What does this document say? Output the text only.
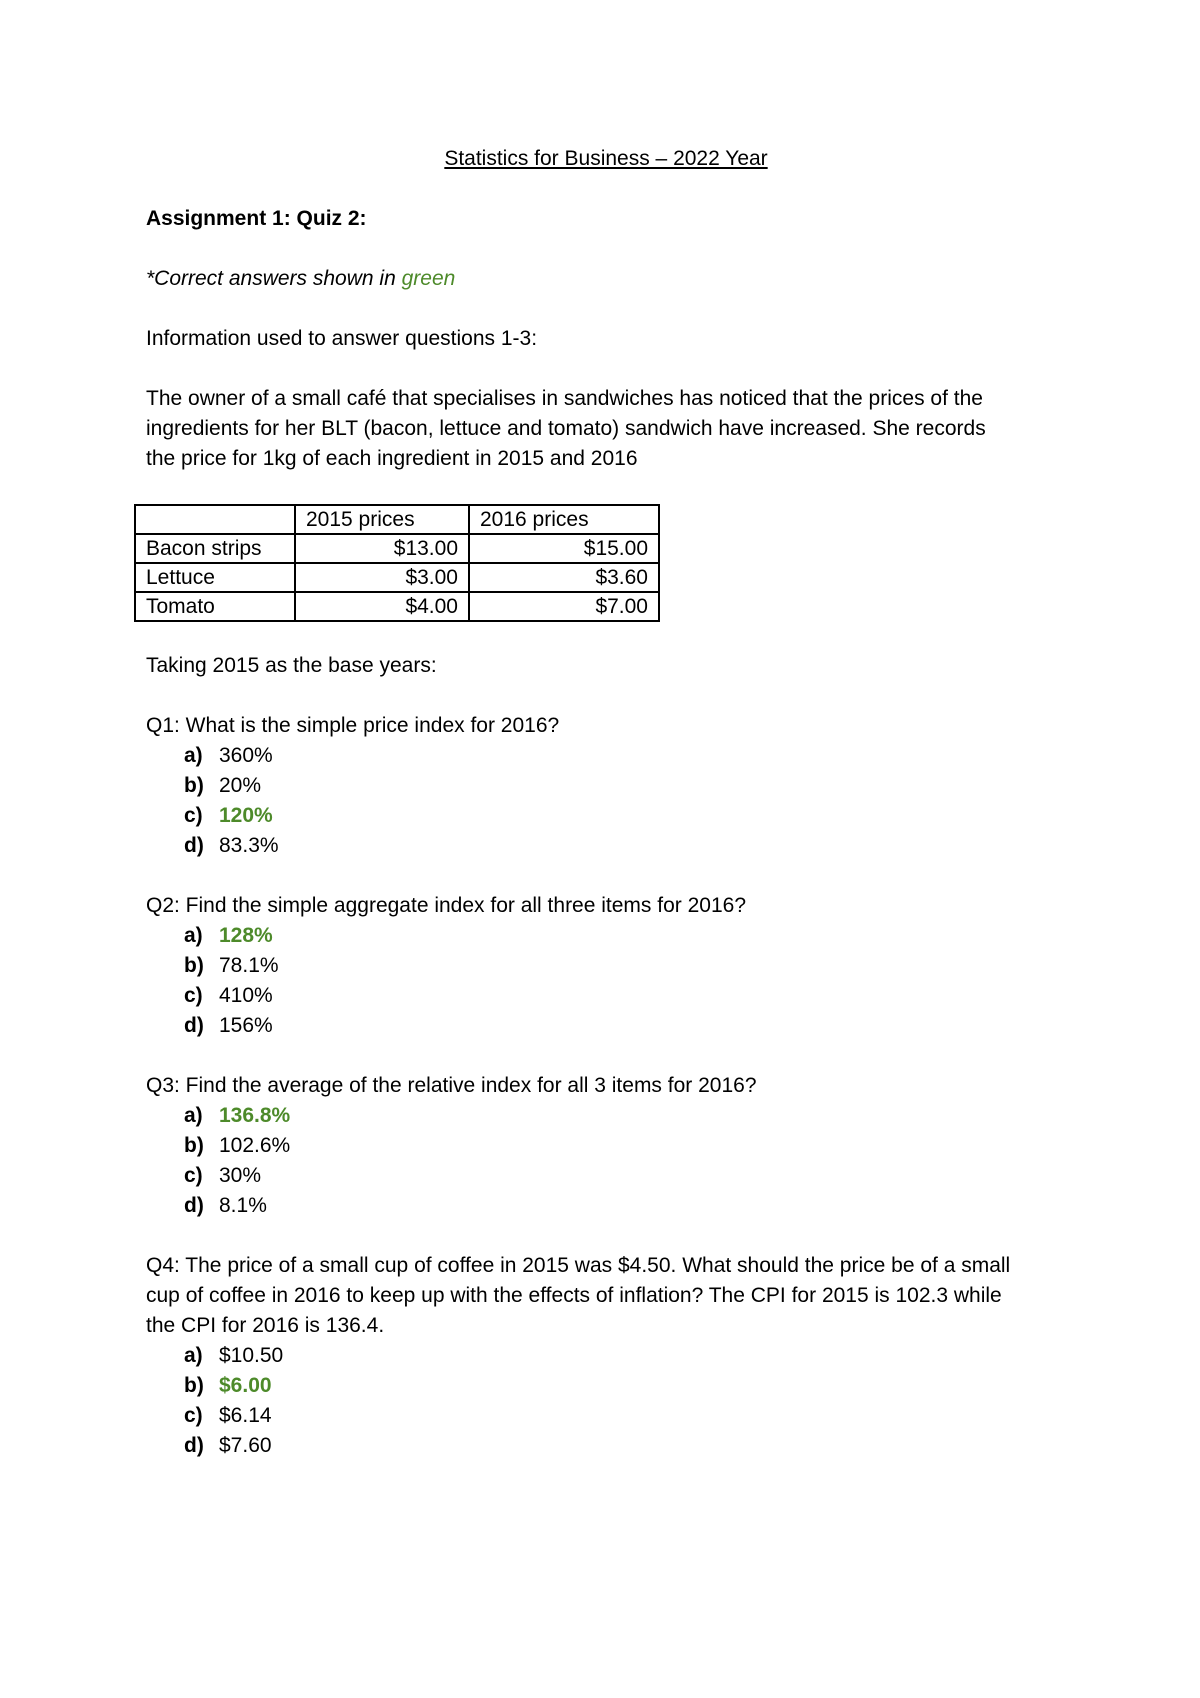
Statistics for Business – 2022 Year
Assignment 1: Quiz 2:
*Correct answers shown in green
Information used to answer questions 1-3:
The owner of a small café that specialises in sandwiches has noticed that the prices of the
ingredients for her BLT (bacon, lettuce and tomato) sandwich have increased. She records
the price for 1kg of each ingredient in 2015 and 2016
	2015 prices	2016 prices
Bacon strips	$13.00	$15.00
Lettuce	$3.00	$3.60
Tomato	$4.00	$7.00
Taking 2015 as the base years:
Q1: What is the simple price index for 2016?
a) 360%
b) 20%
c) 120%
d) 83.3%
Q2: Find the simple aggregate index for all three items for 2016?
a) 128%
b) 78.1%
c) 410%
d) 156%
Q3: Find the average of the relative index for all 3 items for 2016?
a) 136.8%
b) 102.6%
c) 30%
d) 8.1%
Q4: The price of a small cup of coffee in 2015 was $4.50. What should the price be of a small
cup of coffee in 2016 to keep up with the effects of inflation? The CPI for 2015 is 102.3 while
the CPI for 2016 is 136.4.
a) $10.50
b) $6.00
c) $6.14
d) $7.60
